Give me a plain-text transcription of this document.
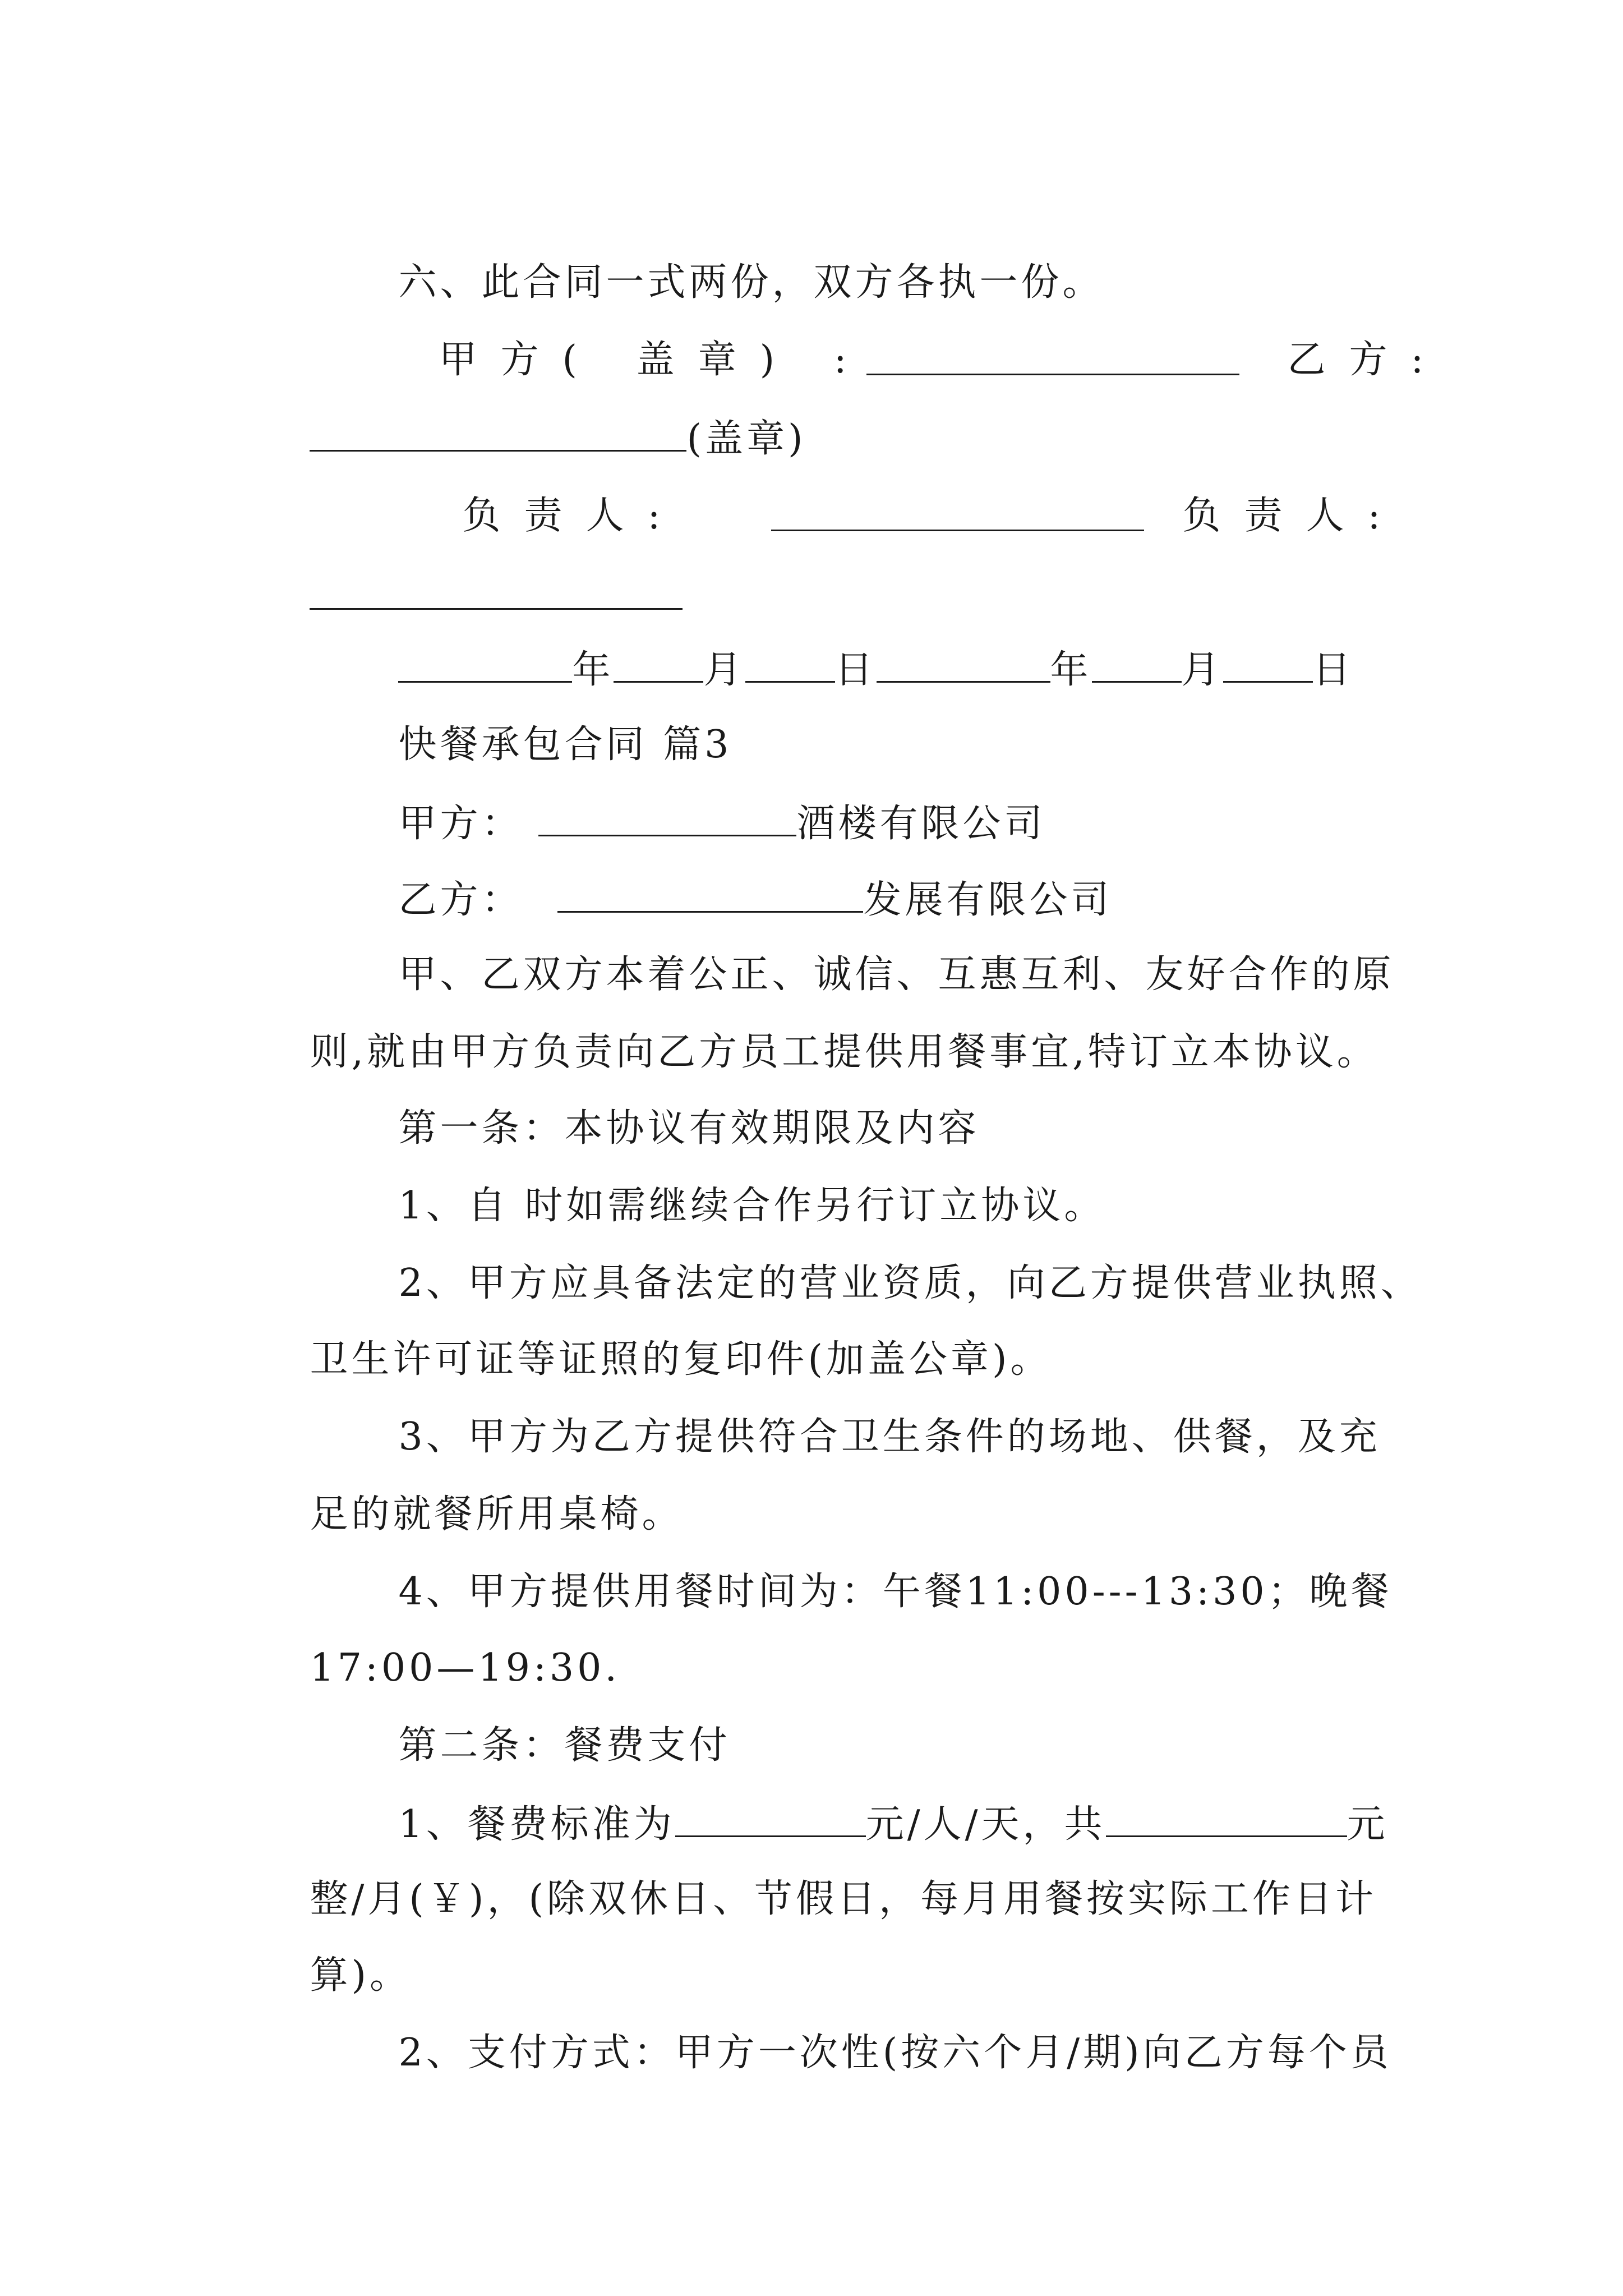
六、此合同一式两份，双方各执一份。

甲方( 盖章) :

	乙方:

(盖章)

负责人:

	负责人:

年 月 日	年 月 日

快餐承包合同 篇3

甲方：	酒楼有限公司

乙方：	发展有限公司

甲、乙双方本着公正、诚信、互惠互利、友好合作的原

则,就由甲方负责向乙方员工提供用餐事宜,特订立本协议。

第一条：本协议有效期限及内容

1、自 时如需继续合作另行订立协议。

2、甲方应具备法定的营业资质，向乙方提供营业执照、

卫生许可证等证照的复印件(加盖公章)。

3、甲方为乙方提供符合卫生条件的场地、供餐，及充

足的就餐所用桌椅。

4、甲方提供用餐时间为：午餐11:00---13:30；晚餐

17:00—19:30.

第二条：餐费支付

1、餐费标准为	元/人/天，共	元

整/月(￥)，(除双休日、节假日，每月用餐按实际工作日计

算)。

2、支付方式：甲方一次性(按六个月/期)向乙方每个员
